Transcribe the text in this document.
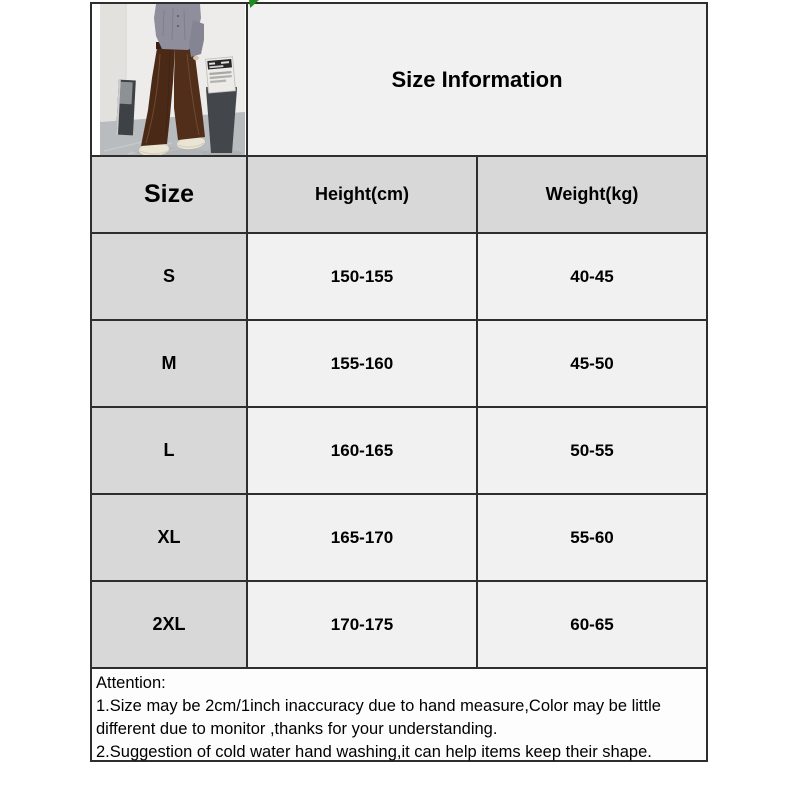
Size Information
Size	Height(cm)	Weight(kg)
S	150-155	40-45
M	155-160	45-50
L	160-165	50-55
XL	165-170	55-60
2XL	170-175	60-65
Attention:
1.Size may be 2cm/1inch inaccuracy due to hand measure,Color may be little
different due to monitor ,thanks for your understanding.
2.Suggestion of cold water hand washing,it can help items keep their shape.
